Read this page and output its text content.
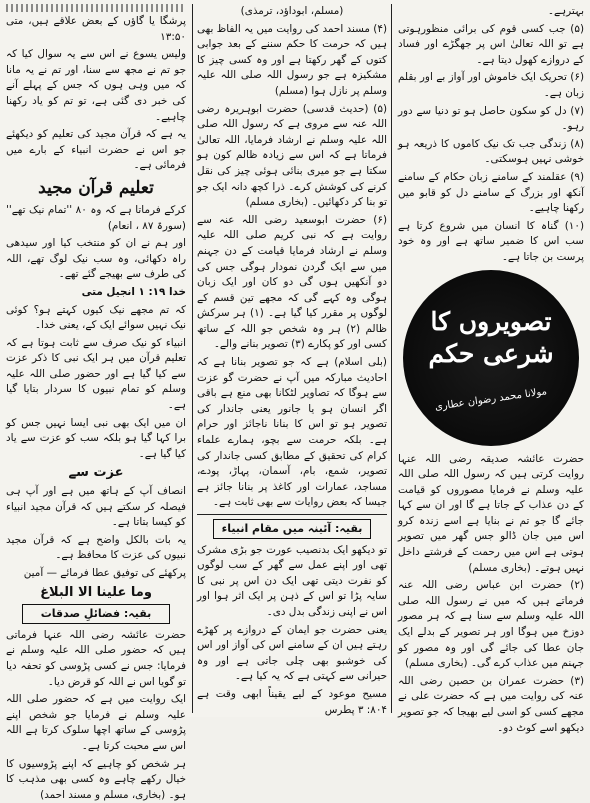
بہترہے۔

(۵) جب کسی قوم کی برائی منظورہوتی ہے تو اللہ تعالیٰ اس پر جھگڑے اور فساد کے دروازے کھول دیتا ہے۔

(۶) تحریک ایک خاموش اور آواز بے اور بقلم زبان ہے۔

(۷) دل کو سکون حاصل ہو تو دنیا سے دور رہو۔

(۸) زندگی جب تک نیک کاموں کا ذریعہ ہو خوشی نہیں ہوسکتی۔

(۹) عقلمند کے سامنے زبان حکام کے سامنے آنکھ اور بزرگ کے سامنے دل کو قابو میں رکھنا چاہیے۔

(۱۰) گناہ کا انسان میں شروع کرتا ہے سب اس کا ضمیر ساتھ ہے اور وہ خود پرست بن جاتا ہے۔

تصویروں کا شرعی حکم
مولانا محمد رضوان عطاری

حضرت عائشہ صدیقہ رضی اللہ عنہا روایت کرتی ہیں کہ رسول اللہ صلی اللہ علیہ وسلم نے فرمایا مصوروں کو قیامت کے دن عذاب کے جاتا ہے گا اور ان سے کہا جائے گا جو تم نے بنایا ہے اسے زندہ کرو اس میں جان ڈالو جس گھر میں تصویر ہوتی ہے اس میں رحمت کے فرشتے داخل نہیں ہوتے۔ (بخاری مسلم)

(۲) حضرت ابن عباس رضی اللہ عنہ فرماتے ہیں کہ میں نے رسول اللہ صلی اللہ علیہ وسلم سے سنا ہے کہ ہر مصور دوزخ میں ہوگا اور ہر تصویر کے بدلے ایک جان عطا کی جائے گی اور وہ مصور کو جہنم میں عذاب کرے گی۔ (بخاری مسلم)

(۳) حضرت عمران بن حصین رضی اللہ عنہ کی روایت میں ہے کہ حضرت علی نے مجھے کسی کو اسی لیے بھیجا کہ جو تصویر دیکھو اسے کوٹ دو۔

(مسلم، ابوداؤد، ترمذی)

(۴) مسند احمد کی روایت میں یہ الفاظ بھی ہیں کہ حرمت کا حکم سننے کے بعد جوابی کتوں کے گھر رکھتا ہے اور وہ کسی چیز کا مشکیزہ ہے جو رسول اللہ صلی اللہ علیہ وسلم پر نازل ہوا (مسلم)

(۵) (حدیث قدسی) حضرت ابوہریرہ رضی اللہ عنہ سے مروی ہے کہ رسول اللہ صلی اللہ علیہ وسلم نے ارشاد فرمایا، اللہ تعالیٰ فرماتا ہے کہ اس سے زیادہ ظالم کون ہو سکتا ہے جو میری بنائی ہوئی چیز کی نقل کرنے کی کوشش کرے۔ ذرا کچھ دانہ ایک جو تو بنا کر دکھائیں۔ (بخاری مسلم)

(۶) حضرت ابوسعید رضی اللہ عنہ سے روایت ہے کہ نبی کریم صلی اللہ علیہ وسلم نے ارشاد فرمایا قیامت کے دن جہنم میں سے ایک گردن نمودار ہوگی جس کی دو آنکھیں ہوں گی دو کان اور ایک زبان ہوگی وہ کہے گی کہ مجھے تین قسم کے لوگوں پر مقرر کیا گیا ہے۔ (۱) ہر سرکش ظالم (۲) ہر وہ شخص جو اللہ کے ساتھ کسی اور کو پکارے (۳) تصویر بنانے والے۔

(بلی اسلام) ہے کہ جو تصویر بنانا ہے کہ احادیث مبارکہ میں آپ نے حضرت گو عزت سے ہوگا کہ تصاویر لٹکانا بھی منع ہے باقی اگر انسان ہو یا جانور یعنی جاندار کی تصویر ہو تو اس کا بنانا ناجائز اور حرام ہے۔ بلکہ حرمت سے بچو، ہمارے علماء کرام کی تحقیق کے مطابق کسی جاندار کی تصویر، شمع، بام، آسمان، پہاڑ، پودے، مساجد، عمارات اور کاغذ پر بنانا جائز ہے جیسا کہ بعض روایات سے بھی ثابت ہے۔

بقیہ: آئینہ میں مقام انبیاء

تو دیکھو ایک بدنصیب عورت جو بڑی مشرک تھی اور اپنے عمل سے گھر کے سب لوگوں کو نفرت دیتی تھی ایک دن اس پر نبی کا سایہ پڑا تو اس کے ذہن پر ایک اثر ہوا اور اس نے اپنی زندگی بدل دی۔

یعنی حضرت جو ایمان کے دروازے پر کھڑے رہتے ہیں ان کے سامنے اس کی آواز اور اس کی خوشبو بھی چلی جاتی ہے اور وہ حیرانی سے کہتی ہے کہ یہ کیا ہے۔

مسیح موعود کے لیے یقیناً ابھی وقت ہے ۸۰۴: ۳ پطرس

پرشگا یا گاؤں کے بعض علاقے ہیں، متی ۱۳:۵۰

ولیس یسوع نے اس سے یہ سوال کیا کہ جو تم نے مجھ سے سنا، اور تم نے یہ مانا کہ میں وہی ہوں کہ جس کے پہلے آنے کی خبر دی گئی ہے، تو تم کو یاد رکھنا چاہیے۔

یہ ہے کہ قرآن مجید کی تعلیم کو دیکھئے جو اس نے حضرت انبیاء کے بارے میں فرمائی ہے۔

تعلیم قرآن مجید

کرکے فرماتا ہے کہ وہ ۸۰ ''تمام نیک تھے'' (سورۃ ۸۷ ، انعام)

اور ہم نے ان کو منتخب کیا اور سیدھی راہ دکھائی، وہ سب نیک لوگ تھے، اللہ کی طرف سے بھیجے گئے تھے۔

خدا ۱۹: ۱ انجیل متی

کہ تم مجھے نیک کیوں کہتے ہو؟ کوئی نیک نہیں سوائے ایک کے، یعنی خدا۔

انبیاء کو نیک صرف سے ثابت ہوتا ہے کہ تعلیم قرآن میں ہر ایک نبی کا ذکر عزت سے کیا گیا ہے اور حضور صلی اللہ علیہ وسلم کو تمام نبیوں کا سردار بتایا گیا ہے۔

ان میں ایک بھی نبی ایسا نہیں جس کو برا کہا گیا ہو بلکہ سب کو عزت سے یاد کیا گیا ہے۔

عزت سے

انصاف آپ کے ہاتھ میں ہے اور آپ ہی فیصلہ کر سکتے ہیں کہ قرآن مجید انبیاء کو کیسا بتاتا ہے۔

یہ بات بالکل واضح ہے کہ قرآن مجید نبیوں کی عزت کا محافظ ہے۔

پرکھئے کی توفیق عطا فرمائے — آمین

وما علینا الا البلاغ
بقیہ: فضائلِ صدقات

حضرت عائشہ رضی اللہ عنہا فرماتی ہیں کہ حضور صلی اللہ علیہ وسلم نے فرمایا: جس نے کسی پڑوسی کو تحفہ دیا تو گویا اس نے اللہ کو قرض دیا۔

ایک روایت میں ہے کہ حضور صلی اللہ علیہ وسلم نے فرمایا جو شخص اپنے پڑوسی کے ساتھ اچھا سلوک کرتا ہے اللہ اس سے محبت کرتا ہے۔

ہر شخص کو چاہیے کہ اپنے پڑوسیوں کا خیال رکھے چاہے وہ کسی بھی مذہب کا ہو۔ (بخاری، مسلم و مسند احمد)
